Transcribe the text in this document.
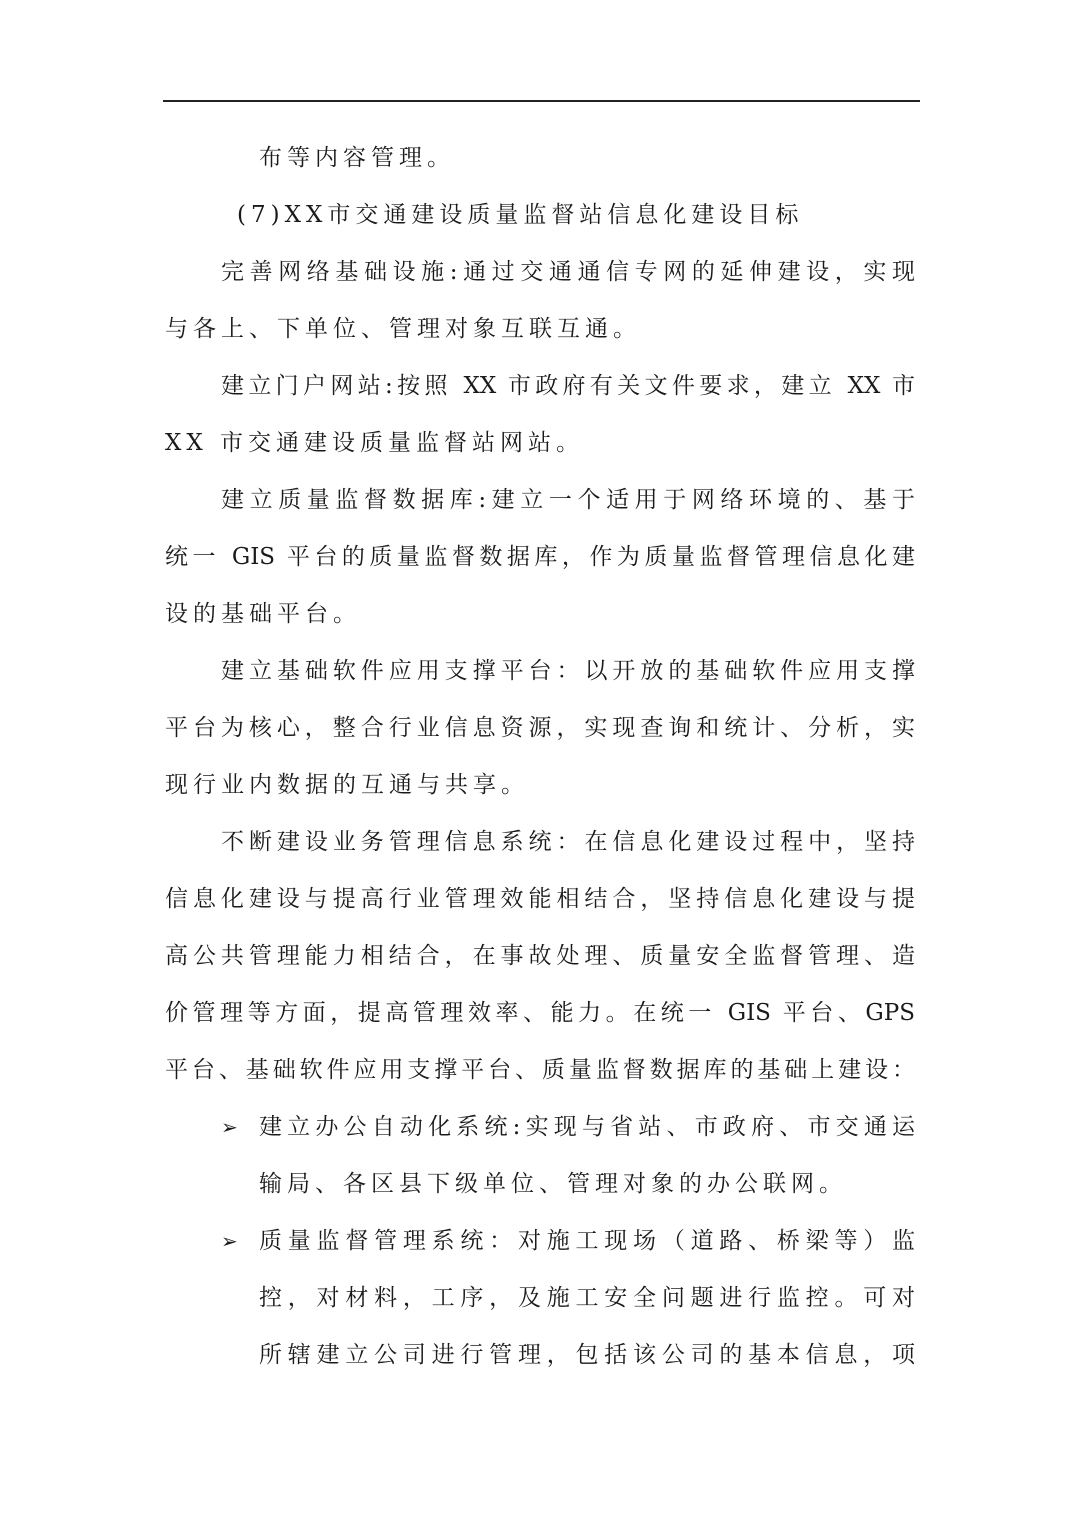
布等内容管理。
(7)XX市交通建设质量监督站信息化建设目标
完善网络基础设施:通过交通通信专网的延伸建设，实现
与各上、下单位、管理对象互联互通。
建立门户网站:按照 XX 市政府有关文件要求，建立 XX 市
XX 市交通建设质量监督站网站。
建立质量监督数据库:建立一个适用于网络环境的、基于
统一 GIS 平台的质量监督数据库，作为质量监督管理信息化建
设的基础平台。
建立基础软件应用支撑平台：以开放的基础软件应用支撑
平台为核心，整合行业信息资源，实现查询和统计、分析，实
现行业内数据的互通与共享。
不断建设业务管理信息系统：在信息化建设过程中，坚持
信息化建设与提高行业管理效能相结合，坚持信息化建设与提
高公共管理能力相结合，在事故处理、质量安全监督管理、造
价管理等方面，提高管理效率、能力。在统一 GIS 平台、GPS
平台、基础软件应用支撑平台、质量监督数据库的基础上建设：
➢ 建立办公自动化系统:实现与省站、市政府、市交通运
输局、各区县下级单位、管理对象的办公联网。
➢ 质量监督管理系统：对施工现场（道路、桥梁等）监
控，对材料，工序，及施工安全问题进行监控。可对
所辖建立公司进行管理，包括该公司的基本信息，项
